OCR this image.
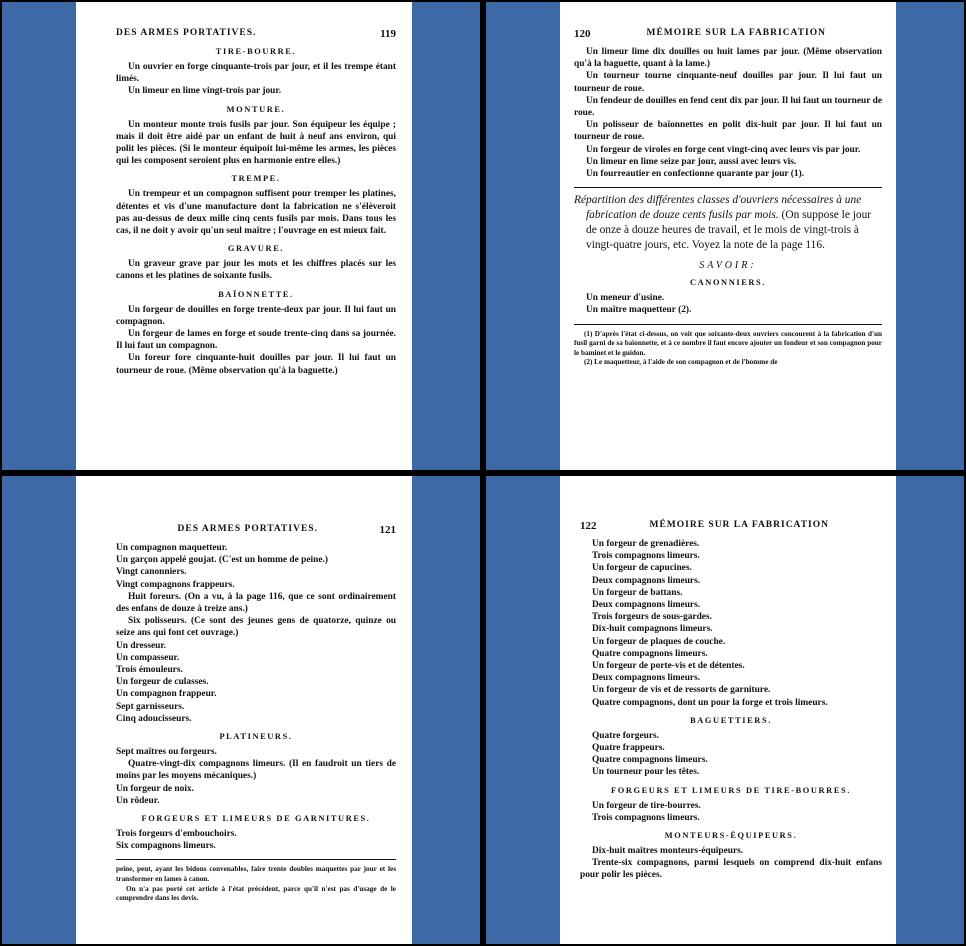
DES ARMES PORTATIVES.	119
TIRE-BOURRE.

Un ouvrier en forge cinquante-trois par jour, et il les trempe étant limés.

Un limeur en lime vingt-trois par jour.

MONTURE.

Un monteur monte trois fusils par jour. Son équipeur les équipe ; mais il doit être aidé par un enfant de huit à neuf ans environ, qui polit les pièces. (Si le monteur équipoit lui-même les armes, les pièces qui les composent seroient plus en harmonie entre elles.)

TREMPE.

Un trempeur et un compagnon suffisent pour tremper les platines, détentes et vis d'une manufacture dont la fabrication ne s'élèveroit pas au-dessus de deux mille cinq cents fusils par mois. Dans tous les cas, il ne doit y avoir qu'un seul maître ; l'ouvrage en est mieux fait.

GRAVURE.

Un graveur grave par jour les mots et les chiffres placés sur les canons et les platines de soixante fusils.

BAÏONNETTE.

Un forgeur de douilles en forge trente-deux par jour. Il lui faut un compagnon.

Un forgeur de lames en forge et soude trente-cinq dans sa journée. Il lui faut un compagnon.

Un foreur fore cinquante-huit douilles par jour. Il lui faut un tourneur de roue. (Même observation qu'à la baguette.)

120	MÉMOIRE SUR LA FABRICATION

Un limeur lime dix douilles ou huit lames par jour. (Même observation qu'à la baguette, quant à la lame.)

Un tourneur tourne cinquante-neuf douilles par jour. Il lui faut un tourneur de roue.

Un fendeur de douilles en fend cent dix par jour. Il lui faut un tourneur de roue.

Un polisseur de baïonnettes en polit dix-huit par jour. Il lui faut un tourneur de roue.

Un forgeur de viroles en forge cent vingt-cinq avec leurs vis par jour.

Un limeur en lime seize par jour, aussi avec leurs vis.

Un fourreautier en confectionne quarante par jour (1).

Répartition des différentes classes d'ouvriers nécessaires à une fabrication de douze cents fusils par mois. (On suppose le jour de onze à douze heures de travail, et le mois de vingt-trois à vingt-quatre jours, etc. Voyez la note de la page 116.

SAVOIR:
CANONNIERS.

Un meneur d'usine.

Un maître maquetteur (2).

(1) D'après l'état ci-dessus, on voit que soixante-deux ouvriers concourent à la fabrication d'un fusil garni de sa baïonnette, et à ce nombre il faut encore ajouter un fondeur et son compagnon pour le baminet et le guidon.

(2) Le maquetteur, à l'aide de son compagnon et de l'homme de

DES ARMES PORTATIVES.	121

Un compagnon maquetteur.

Un garçon appelé goujat. (C'est un homme de peine.)

Vingt canonniers.

Vingt compagnons frappeurs.

Huit foreurs. (On a vu, à la page 116, que ce sont ordinairement des enfans de douze à treize ans.)

Six polisseurs. (Ce sont des jeunes gens de quatorze, quinze ou seize ans qui font cet ouvrage.)

Un dresseur.

Un compasseur.

Trois émouleurs.

Un forgeur de culasses.

Un compagnon frappeur.

Sept garnisseurs.

Cinq adoucisseurs.

PLATINEURS.

Sept maîtres ou forgeurs.

Quatre-vingt-dix compagnons limeurs. (Il en faudroit un tiers de moins par les moyens mécaniques.)

Un forgeur de noix.

Un rôdeur.

FORGEURS ET LIMEURS DE GARNITURES.

Trois forgeurs d'embouchoirs.

Six compagnons limeurs.

peine, peut, ayant les bidons convenables, faire trente doubles maquettes par jour et les transformer en lames à canon.

On n'a pas porté cet article à l'état précédent, parce qu'il n'est pas d'usage de le comprendre dans les devis.

122	MÉMOIRE SUR LA FABRICATION

Un forgeur de grenadières.

Trois compagnons limeurs.

Un forgeur de capucines.

Deux compagnons limeurs.

Un forgeur de battans.

Deux compagnons limeurs.

Trois forgeurs de sous-gardes.

Dix-huit compagnons limeurs.

Un forgeur de plaques de couche.

Quatre compagnons limeurs.

Un forgeur de porte-vis et de détentes.

Deux compagnons limeurs.

Un forgeur de vis et de ressorts de garniture.

Quatre compagnons, dont un pour la forge et trois limeurs.

BAGUETTIERS.

Quatre forgeurs.

Quatre frappeurs.

Quatre compagnons limeurs.

Un tourneur pour les têtes.

FORGEURS ET LIMEURS DE TIRE-BOURRES.

Un forgeur de tire-bourres.

Trois compagnons limeurs.

MONTEURS-ÉQUIPEURS.

Dix-huit maîtres monteurs-équipeurs.

Trente-six compagnons, parmi lesquels on comprend dix-huit enfans pour polir les pièces.
